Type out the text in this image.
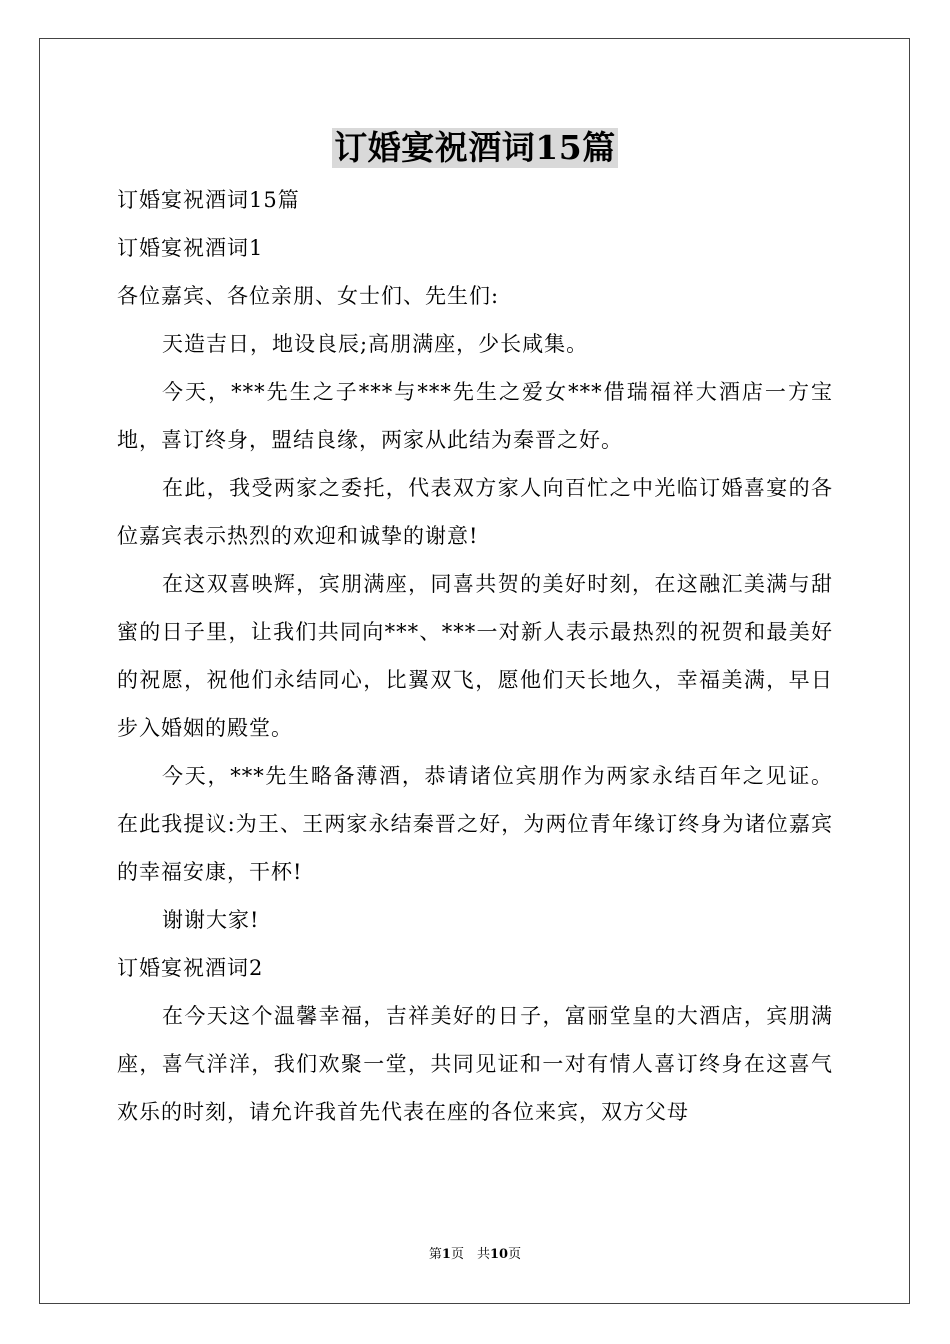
订婚宴祝酒词15篇

订婚宴祝酒词15篇

订婚宴祝酒词1

各位嘉宾、各位亲朋、女士们、先生们:

天造吉日，地设良辰;高朋满座，少长咸集。

今天，***先生之子***与***先生之爱女***借瑞福祥大酒店一方宝地，喜订终身，盟结良缘，两家从此结为秦晋之好。

在此，我受两家之委托，代表双方家人向百忙之中光临订婚喜宴的各位嘉宾表示热烈的欢迎和诚挚的谢意!

在这双喜映辉，宾朋满座，同喜共贺的美好时刻，在这融汇美满与甜蜜的日子里，让我们共同向***、***一对新人表示最热烈的祝贺和最美好的祝愿，祝他们永结同心，比翼双飞，愿他们天长地久，幸福美满，早日步入婚姻的殿堂。

今天，***先生略备薄酒，恭请诸位宾朋作为两家永结百年之见证。在此我提议:为王、王两家永结秦晋之好，为两位青年缘订终身为诸位嘉宾的幸福安康，干杯!

谢谢大家!

订婚宴祝酒词2

在今天这个温馨幸福，吉祥美好的日子，富丽堂皇的大酒店，宾朋满座，喜气洋洋，我们欢聚一堂，共同见证和一对有情人喜订终身在这喜气欢乐的时刻，请允许我首先代表在座的各位来宾，双方父母

第1页　共10页
